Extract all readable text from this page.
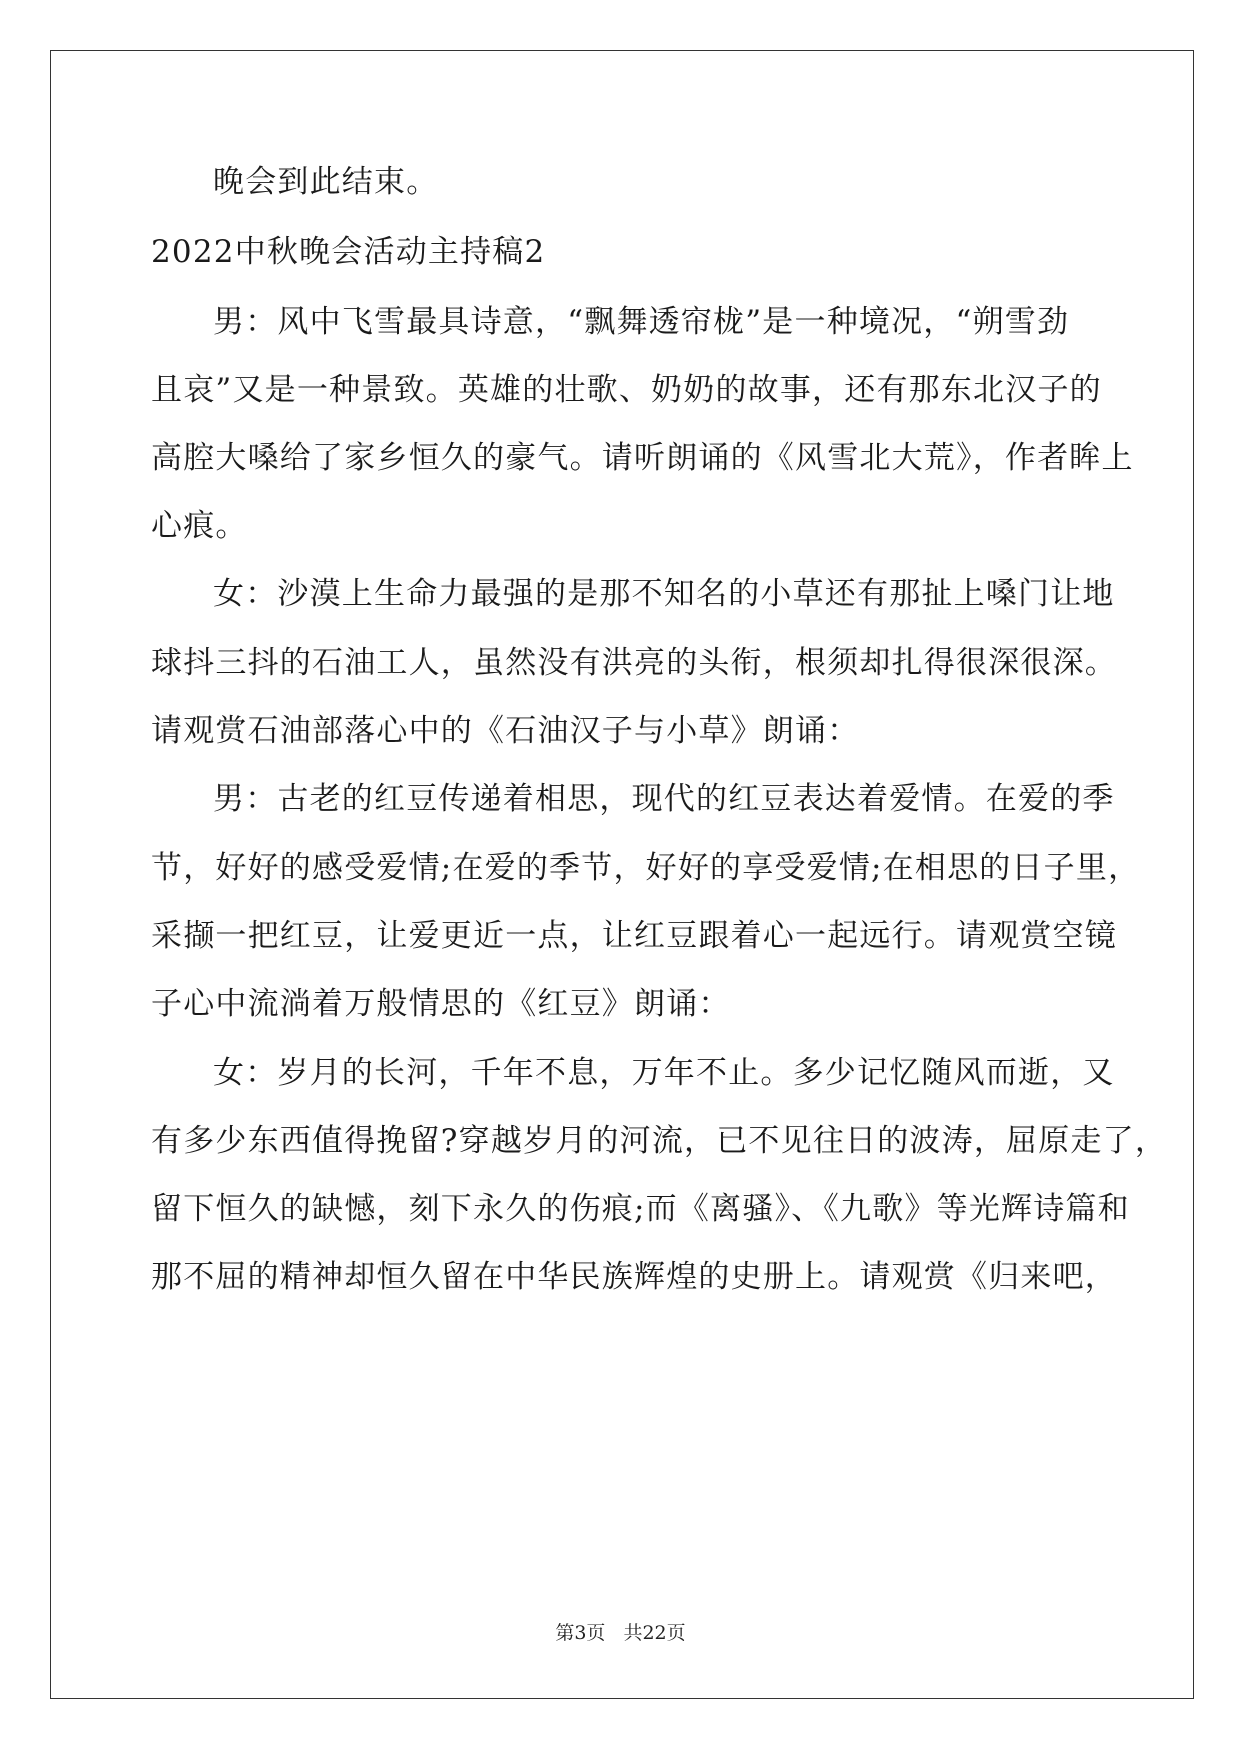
晚会到此结束。
2022中秋晚会活动主持稿2
男：风中飞雪最具诗意，“飘舞透帘栊”是一种境况，“朔雪劲
且哀”又是一种景致。英雄的壮歌、奶奶的故事，还有那东北汉子的
高腔大嗓给了家乡恒久的豪气。请听朗诵的《风雪北大荒》，作者眸上
心痕。
女：沙漠上生命力最强的是那不知名的小草还有那扯上嗓门让地
球抖三抖的石油工人，虽然没有洪亮的头衔，根须却扎得很深很深。
请观赏石油部落心中的《石油汉子与小草》朗诵：
男：古老的红豆传递着相思，现代的红豆表达着爱情。在爱的季
节，好好的感受爱情;在爱的季节，好好的享受爱情;在相思的日子里，
采撷一把红豆，让爱更近一点，让红豆跟着心一起远行。请观赏空镜
子心中流淌着万般情思的《红豆》朗诵：
女：岁月的长河，千年不息，万年不止。多少记忆随风而逝，又
有多少东西值得挽留?穿越岁月的河流，已不见往日的波涛，屈原走了，
留下恒久的缺憾，刻下永久的伤痕;而《离骚》、《九歌》等光辉诗篇和
那不屈的精神却恒久留在中华民族辉煌的史册上。请观赏《归来吧，
第3页 共22页
